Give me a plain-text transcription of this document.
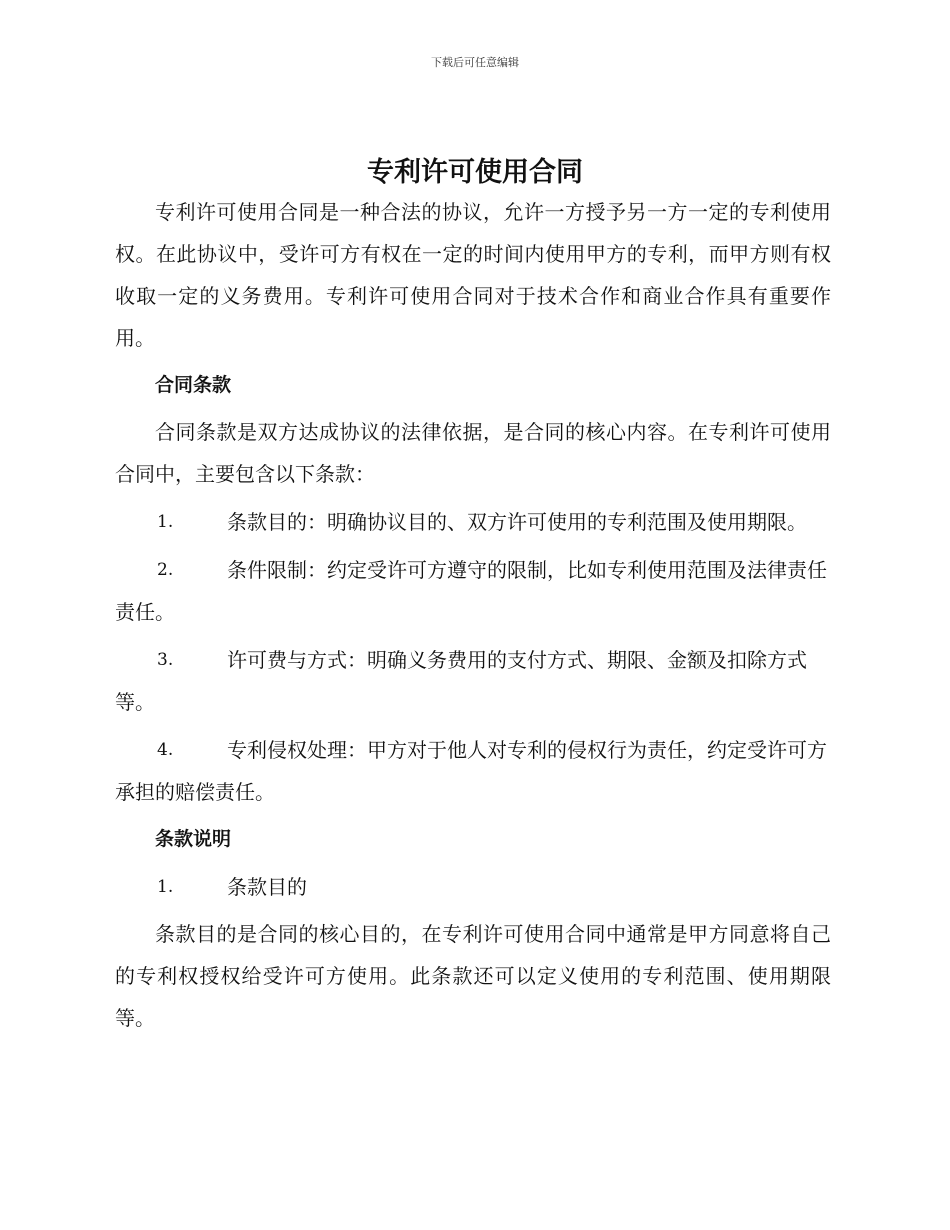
下载后可任意编辑
专利许可使用合同

专利许可使用合同是一种合法的协议，允许一方授予另一方一定的专利使用权。在此协议中，受许可方有权在一定的时间内使用甲方的专利，而甲方则有权收取一定的义务费用。专利许可使用合同对于技术合作和商业合作具有重要作用。

合同条款

合同条款是双方达成协议的法律依据，是合同的核心内容。在专利许可使用合同中，主要包含以下条款：

1.	条款目的：明确协议目的、双方许可使用的专利范围及使用期限。
2.	条件限制：约定受许可方遵守的限制，比如专利使用范围及法律责任责任。
3.	许可费与方式：明确义务费用的支付方式、期限、金额及扣除方式等。
4.	专利侵权处理：甲方对于他人对专利的侵权行为责任，约定受许可方承担的赔偿责任。
条款说明
1.	条款目的

条款目的是合同的核心目的，在专利许可使用合同中通常是甲方同意将自己的专利权授权给受许可方使用。此条款还可以定义使用的专利范围、使用期限等。
